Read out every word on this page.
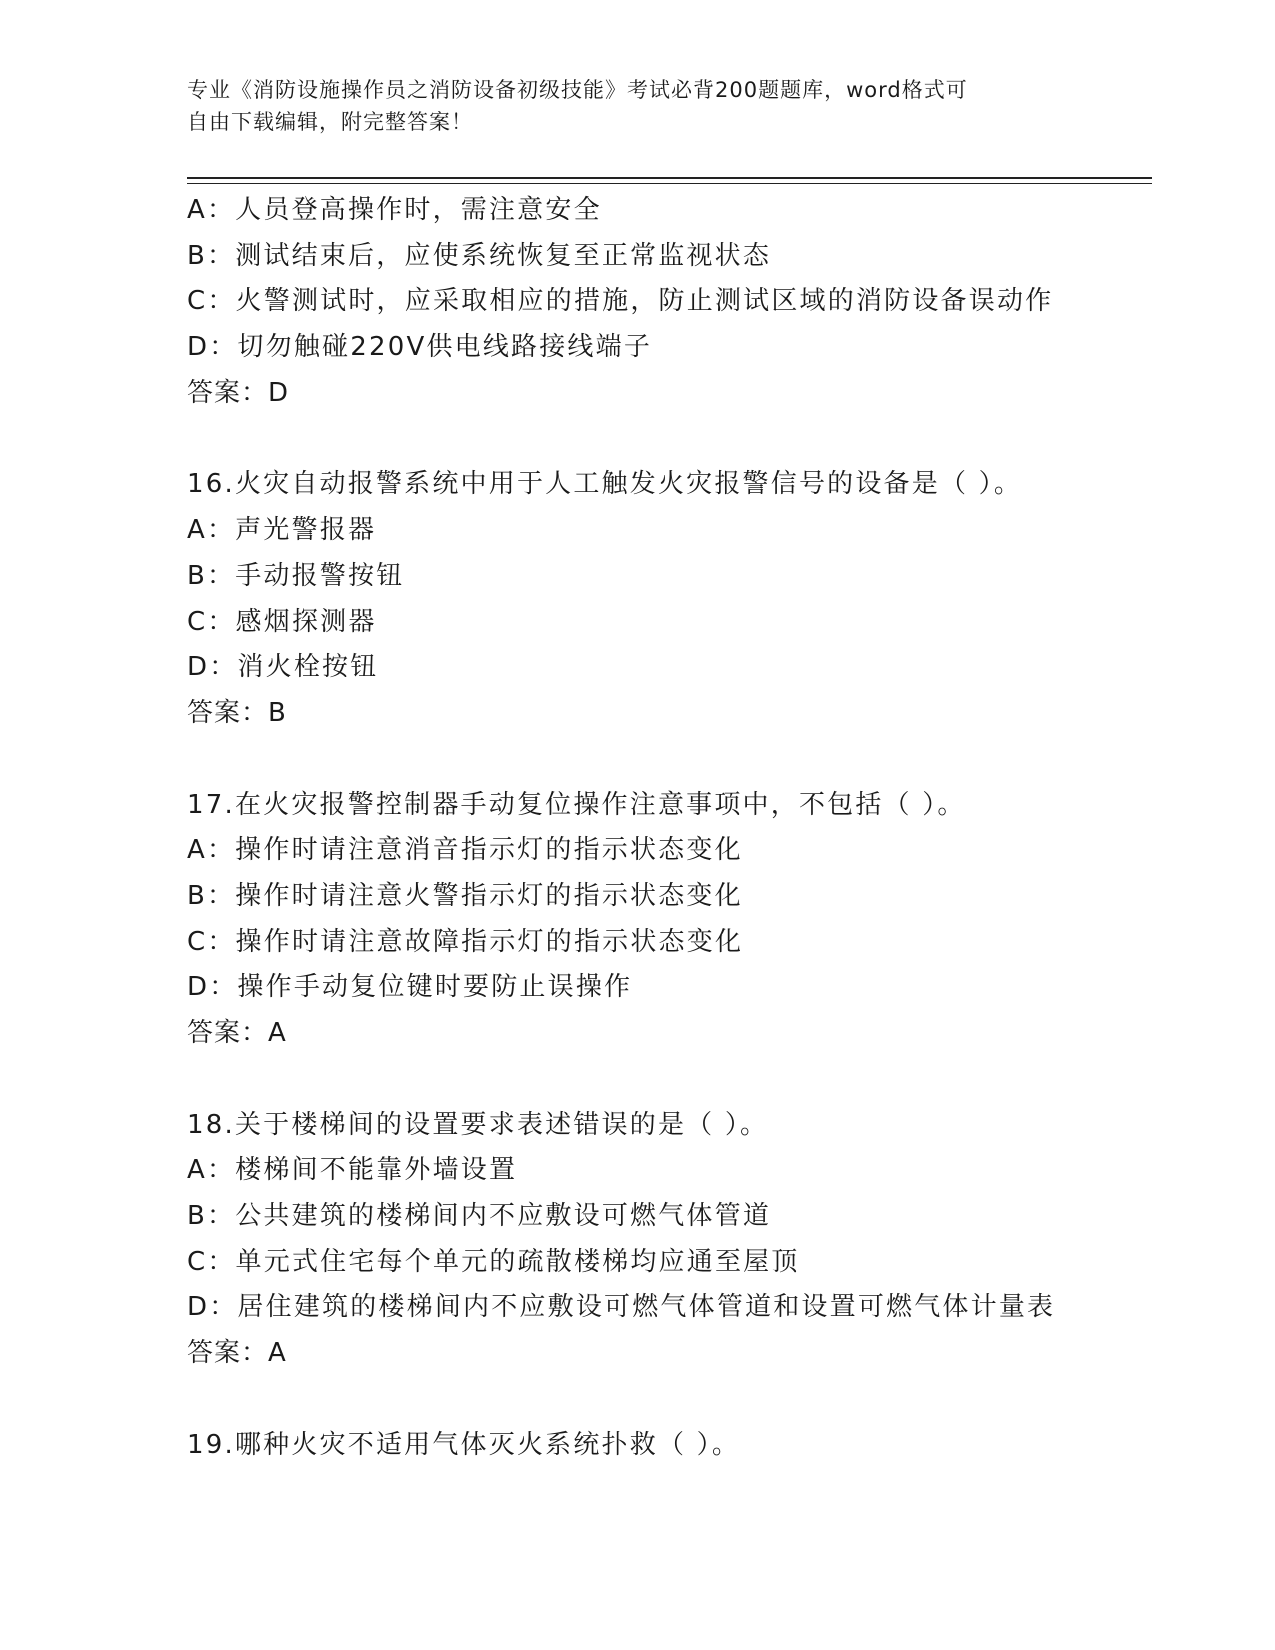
专业《消防设施操作员之消防设备初级技能》考试必背200题题库，word格式可
自由下载编辑，附完整答案！
A：人员登高操作时，需注意安全
B：测试结束后，应使系统恢复至正常监视状态
C：火警测试时，应采取相应的措施，防止测试区域的消防设备误动作
D：切勿触碰220V供电线路接线端子
答案：D
16.火灾自动报警系统中用于人工触发火灾报警信号的设备是（ ）。
A：声光警报器
B：手动报警按钮
C：感烟探测器
D：消火栓按钮
答案：B
17.在火灾报警控制器手动复位操作注意事项中，不包括（ ）。
A：操作时请注意消音指示灯的指示状态变化
B：操作时请注意火警指示灯的指示状态变化
C：操作时请注意故障指示灯的指示状态变化
D：操作手动复位键时要防止误操作
答案：A
18.关于楼梯间的设置要求表述错误的是（ ）。
A：楼梯间不能靠外墙设置
B：公共建筑的楼梯间内不应敷设可燃气体管道
C：单元式住宅每个单元的疏散楼梯均应通至屋顶
D：居住建筑的楼梯间内不应敷设可燃气体管道和设置可燃气体计量表
答案：A
19.哪种火灾不适用气体灭火系统扑救（ ）。
